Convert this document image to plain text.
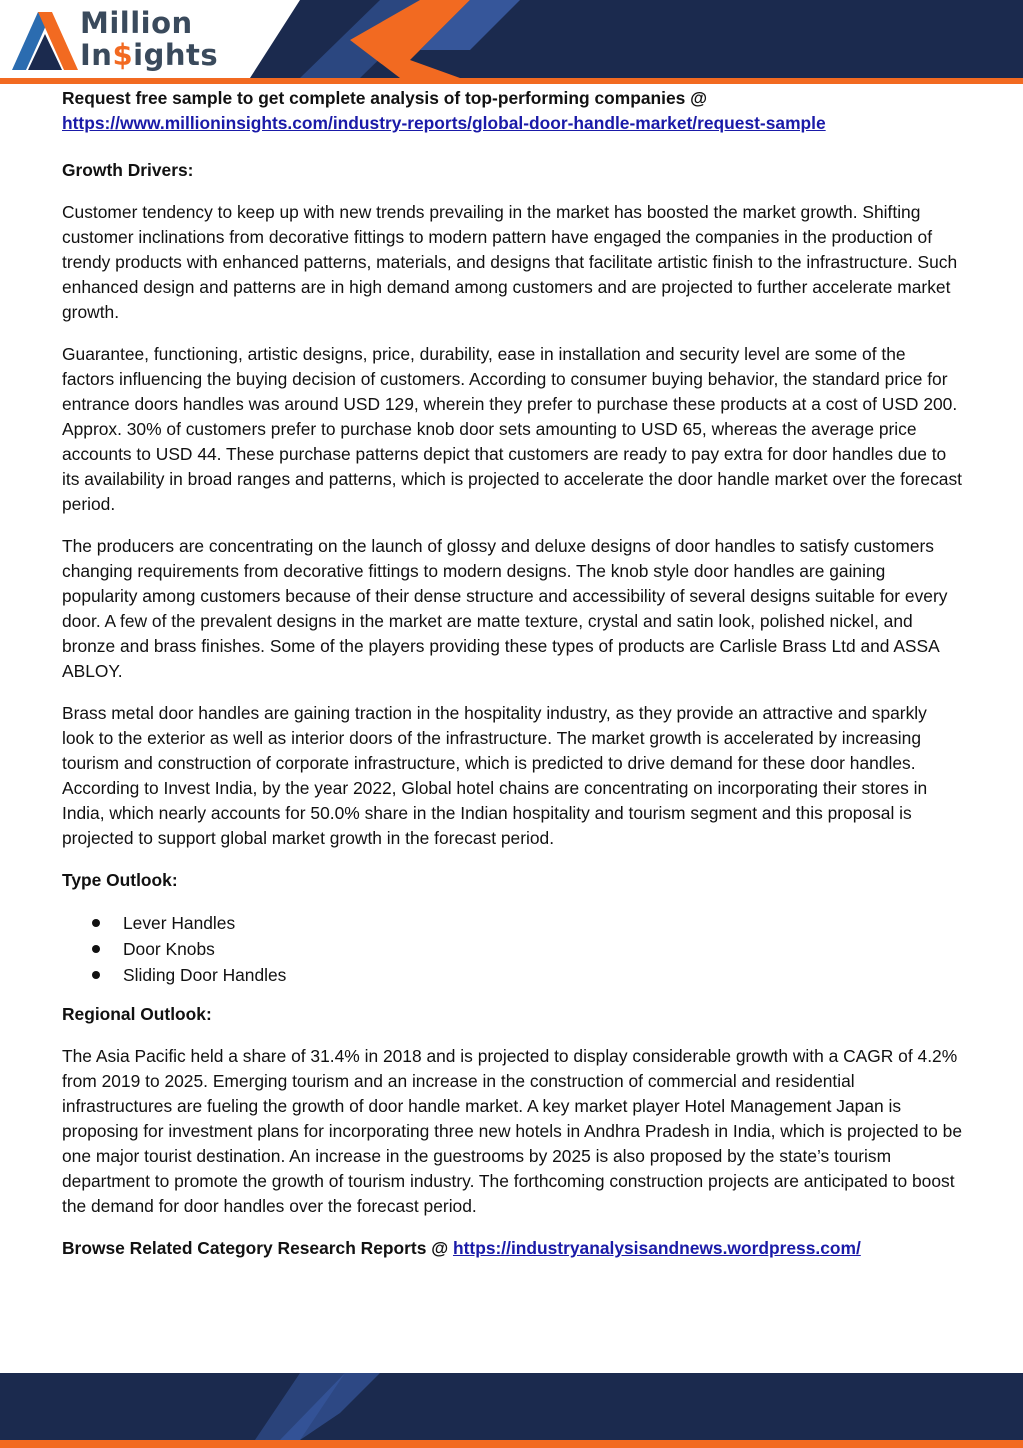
Million
In$ights

Request free sample to get complete analysis of top-performing companies @
https://www.millioninsights.com/industry-reports/global-door-handle-market/request-sample

Growth Drivers:

Customer tendency to keep up with new trends prevailing in the market has boosted the market growth. Shifting customer inclinations from decorative fittings to modern pattern have engaged the companies in the production of trendy products with enhanced patterns, materials, and designs that facilitate artistic finish to the infrastructure. Such enhanced design and patterns are in high demand among customers and are projected to further accelerate market growth.

Guarantee, functioning, artistic designs, price, durability, ease in installation and security level are some of the factors influencing the buying decision of customers. According to consumer buying behavior, the standard price for entrance doors handles was around USD 129, wherein they prefer to purchase these products at a cost of USD 200. Approx. 30% of customers prefer to purchase knob door sets amounting to USD 65, whereas the average price accounts to USD 44. These purchase patterns depict that customers are ready to pay extra for door handles due to its availability in broad ranges and patterns, which is projected to accelerate the door handle market over the forecast period.

The producers are concentrating on the launch of glossy and deluxe designs of door handles to satisfy customers changing requirements from decorative fittings to modern designs. The knob style door handles are gaining popularity among customers because of their dense structure and accessibility of several designs suitable for every door. A few of the prevalent designs in the market are matte texture, crystal and satin look, polished nickel, and bronze and brass finishes. Some of the players providing these types of products are Carlisle Brass Ltd and ASSA ABLOY.

Brass metal door handles are gaining traction in the hospitality industry, as they provide an attractive and sparkly look to the exterior as well as interior doors of the infrastructure. The market growth is accelerated by increasing tourism and construction of corporate infrastructure, which is predicted to drive demand for these door handles. According to Invest India, by the year 2022, Global hotel chains are concentrating on incorporating their stores in India, which nearly accounts for 50.0% share in the Indian hospitality and tourism segment and this proposal is projected to support global market growth in the forecast period.

Type Outlook:

Lever Handles
Door Knobs
Sliding Door Handles

Regional Outlook:

The Asia Pacific held a share of 31.4% in 2018 and is projected to display considerable growth with a CAGR of 4.2% from 2019 to 2025. Emerging tourism and an increase in the construction of commercial and residential infrastructures are fueling the growth of door handle market. A key market player Hotel Management Japan is proposing for investment plans for incorporating three new hotels in Andhra Pradesh in India, which is projected to be one major tourist destination. An increase in the guestrooms by 2025 is also proposed by the state’s tourism department to promote the growth of tourism industry. The forthcoming construction projects are anticipated to boost the demand for door handles over the forecast period.

Browse Related Category Research Reports @ https://industryanalysisandnews.wordpress.com/
